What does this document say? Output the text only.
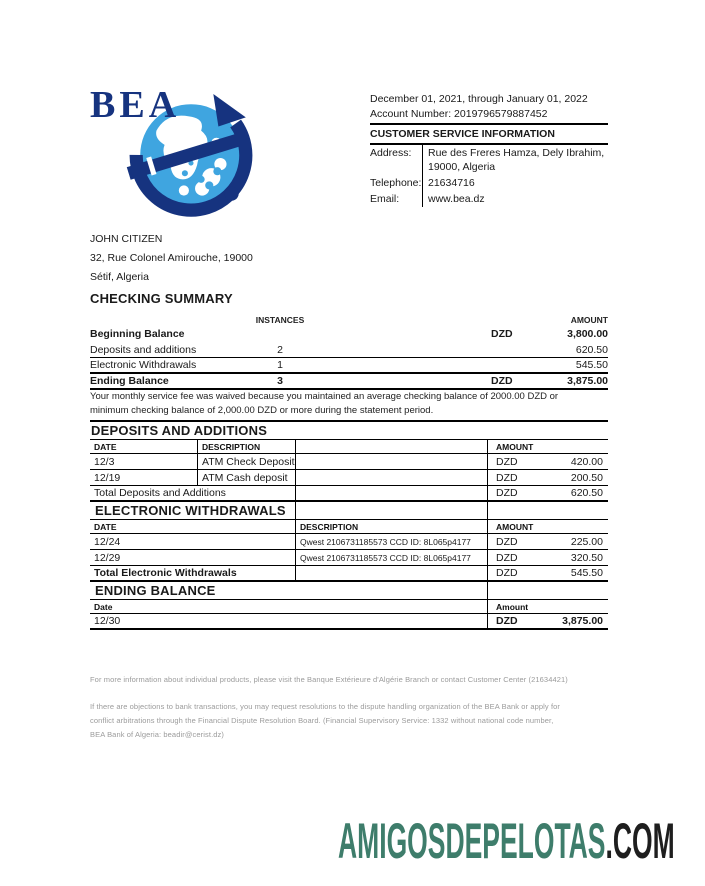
BEA	December 01, 2021, through January 01, 2022
Account Number: 2019796579887452
CUSTOMER SERVICE INFORMATION
Address:	Rue des Freres Hamza, Dely Ibrahim, 19000, Algeria
Telephone: 21634716
Email:	www.bea.dz
JOHN CITIZEN
32, Rue Colonel Amirouche, 19000
Sétif, Algeria
CHECKING SUMMARY
INSTANCES	AMOUNT
Beginning Balance	DZD	3,800.00
Deposits and additions	2	620.50
Electronic Withdrawals	1	545.50
Ending Balance	3	DZD	3,875.00
Your monthly service fee was waived because you maintained an average checking balance of 2000.00 DZD or
minimum checking balance of 2,000.00 DZD or more during the statement period.
DEPOSITS AND ADDITIONS
DATE	DESCRIPTION	AMOUNT
12/3	ATM Check Deposit	DZD	420.00
12/19	ATM Cash deposit	DZD	200.50
Total Deposits and Additions	DZD	620.50
ELECTRONIC WITHDRAWALS
DATE	DESCRIPTION	AMOUNT
12/24	Qwest 2106731185573 CCD ID: 8L065p4177	DZD	225.00
12/29	Qwest 2106731185573 CCD ID: 8L065p4177	DZD	320.50
Total Electronic Withdrawals	DZD	545.50
ENDING BALANCE
Date	Amount
12/30	DZD	3,875.00
For more information about individual products, please visit the Banque Extérieure d'Algérie Branch or contact Customer Center (21634421)
If there are objections to bank transactions, you may request resolutions to the dispute handling organization of the BEA Bank or apply for
conflict arbitrations through the Financial Dispute Resolution Board. (Financial Supervisory Service: 1332 without national code number,
BEA Bank of Algeria: beadir@cerist.dz)
AMIGOSDEPELOTAS.COM
